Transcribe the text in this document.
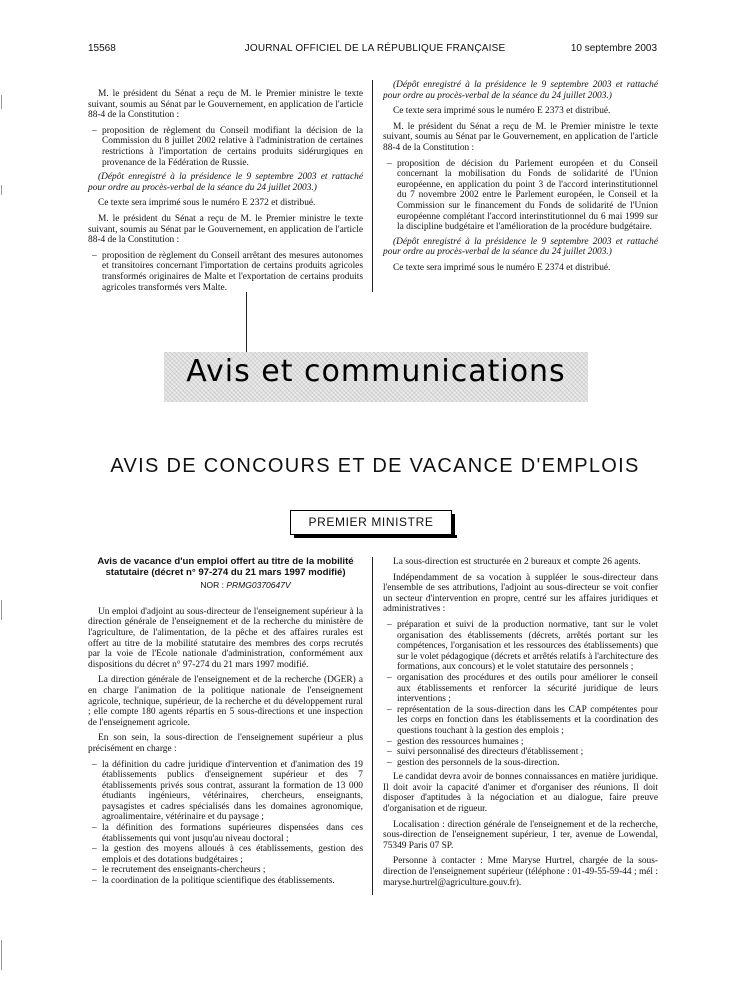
15568	JOURNAL OFFICIEL DE LA RÉPUBLIQUE FRANÇAISE	10 septembre 2003

M. le président du Sénat a reçu de M. le Premier ministre le texte suivant, soumis au Sénat par le Gouvernement, en application de l'article 88-4 de la Constitution :

– proposition de règlement du Conseil modifiant la décision de la Commission du 8 juillet 2002 relative à l'administration de certaines restrictions à l'importation de certains produits sidérurgiques en provenance de la Fédération de Russie.

(Dépôt enregistré à la présidence le 9 septembre 2003 et rattaché pour ordre au procès-verbal de la séance du 24 juillet 2003.)

Ce texte sera imprimé sous le numéro E 2372 et distribué.

M. le président du Sénat a reçu de M. le Premier ministre le texte suivant, soumis au Sénat par le Gouvernement, en application de l'article 88-4 de la Constitution :

– proposition de règlement du Conseil arrêtant des mesures autonomes et transitoires concernant l'importation de certains produits agricoles transformés originaires de Malte et l'exportation de certains produits agricoles transformés vers Malte.

(Dépôt enregistré à la présidence le 9 septembre 2003 et rattaché pour ordre au procès-verbal de la séance du 24 juillet 2003.)

Ce texte sera imprimé sous le numéro E 2373 et distribué.

M. le président du Sénat a reçu de M. le Premier ministre le texte suivant, soumis au Sénat par le Gouvernement, en application de l'article 88-4 de la Constitution :

– proposition de décision du Parlement européen et du Conseil concernant la mobilisation du Fonds de solidarité de l'Union européenne, en application du point 3 de l'accord interinstitutionnel du 7 novembre 2002 entre le Parlement européen, le Conseil et la Commission sur le financement du Fonds de solidarité de l'Union européenne complétant l'accord interinstitutionnel du 6 mai 1999 sur la discipline budgétaire et l'amélioration de la procédure budgétaire.

(Dépôt enregistré à la présidence le 9 septembre 2003 et rattaché pour ordre au procès-verbal de la séance du 24 juillet 2003.)

Ce texte sera imprimé sous le numéro E 2374 et distribué.

Avis et communications
AVIS DE CONCOURS ET DE VACANCE D'EMPLOIS
PREMIER MINISTRE
Avis de vacance d'un emploi offert au titre de la mobilité statutaire (décret n° 97-274 du 21 mars 1997 modifié)
NOR : PRMG0370647V

Un emploi d'adjoint au sous-directeur de l'enseignement supérieur à la direction générale de l'enseignement et de la recherche du ministère de l'agriculture, de l'alimentation, de la pêche et des affaires rurales est offert au titre de la mobilité statutaire des membres des corps recrutés par la voie de l'Ecole nationale d'administration, conformément aux dispositions du décret n° 97-274 du 21 mars 1997 modifié.

La direction générale de l'enseignement et de la recherche (DGER) a en charge l'animation de la politique nationale de l'enseignement agricole, technique, supérieur, de la recherche et du développement rural ; elle compte 180 agents répartis en 5 sous-directions et une inspection de l'enseignement agricole.

En son sein, la sous-direction de l'enseignement supérieur a plus précisément en charge :

– la définition du cadre juridique d'intervention et d'animation des 19 établissements publics d'enseignement supérieur et des 7 établissements privés sous contrat, assurant la formation de 13 000 étudiants ingénieurs, vétérinaires, chercheurs, enseignants, paysagistes et cadres spécialisés dans les domaines agronomique, agroalimentaire, vétérinaire et du paysage ;
– la définition des formations supérieures dispensées dans ces établissements qui vont jusqu'au niveau doctoral ;
– la gestion des moyens alloués à ces établissements, gestion des emplois et des dotations budgétaires ;
– le recrutement des enseignants-chercheurs ;
– la coordination de la politique scientifique des établissements.

La sous-direction est structurée en 2 bureaux et compte 26 agents.

Indépendamment de sa vocation à suppléer le sous-directeur dans l'ensemble de ses attributions, l'adjoint au sous-directeur se voit confier un secteur d'intervention en propre, centré sur les affaires juridiques et administratives :

– préparation et suivi de la production normative, tant sur le volet organisation des établissements (décrets, arrêtés portant sur les compétences, l'organisation et les ressources des établissements) que sur le volet pédagogique (décrets et arrêtés relatifs à l'architecture des formations, aux concours) et le volet statutaire des personnels ;
– organisation des procédures et des outils pour améliorer le conseil aux établissements et renforcer la sécurité juridique de leurs interventions ;
– représentation de la sous-direction dans les CAP compétentes pour les corps en fonction dans les établissements et la coordination des questions touchant à la gestion des emplois ;
– gestion des ressources humaines ;
– suivi personnalisé des directeurs d'établissement ;
– gestion des personnels de la sous-direction.

Le candidat devra avoir de bonnes connaissances en matière juridique. Il doit avoir la capacité d'animer et d'organiser des réunions. Il doit disposer d'aptitudes à la négociation et au dialogue, faire preuve d'organisation et de rigueur.

Localisation : direction générale de l'enseignement et de la recherche, sous-direction de l'enseignement supérieur, 1 ter, avenue de Lowendal, 75349 Paris 07 SP.

Personne à contacter : Mme Maryse Hurtrel, chargée de la sous-direction de l'enseignement supérieur (téléphone : 01-49-55-59-44 ; mél : maryse.hurtrel@agriculture.gouv.fr).
